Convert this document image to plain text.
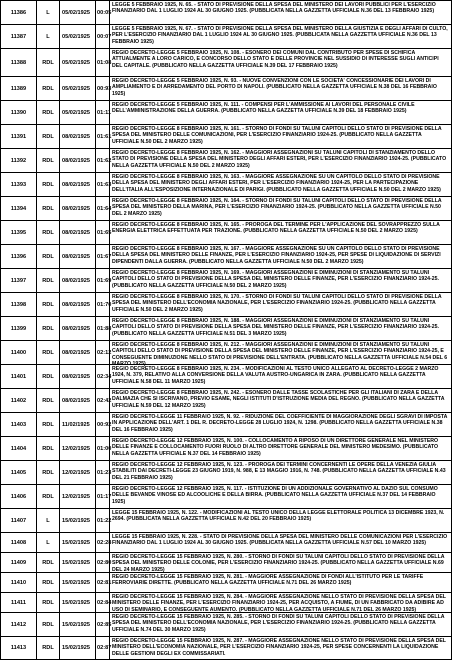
11386	L	05/02/1925	00:05
LEGGE 5 FEBBRAIO 1925, N. 65. - STATO DI PREVISIONE DELLA SPESA DEL MINISTERO DEI LAVORI PUBBLICI PER L'ESERCIZIO FINANZIARIO DAL 1 LUGLIO 1924 AL 30 GIUGNO 1925. (PUBBLICATA NELLA GAZZETTA UFFICIALE N.36 DEL 13 FEBBRAIO 1925)
11387	L	05/02/1925	00:07
LEGGE 5 FEBBRAIO 1925, N. 67. - STATO DI PREVISIONE DELLA SPESA DEL MINISTERO DELLA GIUSTIZIA E DEGLI AFFARI DI CULTO, PER L'ESERCIZIO FINANZIARIO DAL 1 LUGLIO 1924 AL 30 GIUGNO 1925. (PUBBLICATA NELLA GAZZETTA UFFICIALE N.36 DEL 13 FEBBRAIO 1925)
11388	RDL	05/02/1925	01:08
REGIO DECRETO-LEGGE 5 FEBBRAIO 1925, N. 108. - ESONERO DEI COMUNI DAL CONTRIBUTO PER SPESE DI SCHIFICA ATTUALMENTE A LORO CARICO, E CONCORSO DELLO STATO E DELLE PROVINCIE NEL SUSSIDIO DI INTERESSE SUGLI ANTICIPI DEL CAPITALE. (PUBBLICATO NELLA GAZZETTA UFFICIALE N.39 DEL 17 FEBBRAIO 1925)
11389	RDL	05/02/1925	00:93
REGIO DECRETO-LEGGE 5 FEBBRAIO 1925, N. 93. - NUOVE CONVENZIONI CON LE SOCIETA' CONCESSIONARIE DEI LAVORI DI AMPLIAMENTO E DI ARREDAMENTO DEL PORTO DI NAPOLI. (PUBBLICATO NELLA GAZZETTA UFFICIALE N.38 DEL 16 FEBBRAIO 1925)
11390	RDL	05/02/1925	01:11
REGIO DECRETO-LEGGE 5 FEBBRAIO 1925, N. 111. - COMPENSI PER L'AMMISSIONE AI LAVORI DEL PERSONALE CIVILE DELL'AMMINISTRAZIONE DELLA GUERRA. (PUBBLICATO NELLA GAZZETTA UFFICIALE N.39 DEL 18 FEBBRAIO 1925)
11391	RDL	08/02/1925	01:61
REGIO DECRETO-LEGGE 8 FEBBRAIO 1925, N. 161. - STORNO DI FONDI SU TALUNI CAPITOLI DELLO STATO DI PREVISIONE DELLA SPESA DEL MINISTERO DELLE COMUNICAZIONI, PER L'ESERCIZIO FINANZIARIO 1924-25. (PUBBLICATO NELLA GAZZETTA UFFICIALE N.50 DEL 2 MARZO 1925)
11392	RDL	08/02/1925	01:62
REGIO DECRETO-LEGGE 8 FEBBRAIO 1925, N. 162. - MAGGIORI ASSEGNAZIONI SU TALUNI CAPITOLI DI STANZIAMENTO DELLO STATO DI PREVISIONE DELLA SPESA DEL MINISTERO DEGLI AFFARI ESTERI, PER L'ESERCIZIO FINANZIARIO 1924-25. (PUBBLICATO NELLA GAZZETTA UFFICIALE N.50 DEL 2 MARZO 1925)
11393	RDL	08/02/1925	01:63
REGIO DECRETO-LEGGE 8 FEBBRAIO 1925, N. 163. - MAGGIORE ASSEGNAZIONE SU UN CAPITOLO DELLO STATO DI PREVISIONE DELLA SPESA DEL MINISTERO DEGLI AFFARI ESTERI, PER L'ESERCIZIO FINANZIARIO 1924-25, PER LA PARTECIPAZIONE DELL'ITALIA ALL'ESPOSIZIONE INTERNAZIONALE DI PARIGI. (PUBBLICATO NELLA GAZZETTA UFFICIALE N.50 DEL 2 MARZO 1925)
11394	RDL	08/02/1925	01:64
REGIO DECRETO-LEGGE 8 FEBBRAIO 1925, N. 164. - STORNO DI FONDI SU TALUNI CAPITOLI DELLO STATO DI PREVISIONE DELLA SPESA DEL MINISTERO DELLA MARINA, PER L'ESERCIZIO FINANZIARIO 1924-25. (PUBBLICATO NELLA GAZZETTA UFFICIALE N.50 DEL 2 MARZO 1925)
11395	RDL	08/02/1925	01:65
REGIO DECRETO-LEGGE 8 FEBBRAIO 1925, N. 165. - PROROGA DEL TERMINE PER L'APPLICAZIONE DEL SOVRAPPREZZO SULLA ENERGIA ELETTRICA EFFETTUATA PER TRAZIONE. (PUBBLICATO NELLA GAZZETTA UFFICIALE N.50 DEL 2 MARZO 1925)
11396	RDL	08/02/1925	01:67
REGIO DECRETO-LEGGE 8 FEBBRAIO 1925, N. 167. - MAGGIORE ASSEGNAZIONE SU UN CAPITOLO DELLO STATO DI PREVISIONE DELLA SPESA DEL MINISTERO DELLE FINANZE, PER L'ESERCIZIO FINANZIARIO 1924-25, PER SPESE DI LIQUIDAZIONE DI SERVIZI DIPENDENTI DALLA GUERRA. (PUBBLICATO NELLA GAZZETTA UFFICIALE N.50 DEL 2 MARZO 1925)
11397	RDL	08/02/1925	01:69
REGIO DECRETO-LEGGE 8 FEBBRAIO 1925, N. 169. - MAGGIORI ASSEGNAZIONI E DIMINUZIONI DI STANZIAMENTO SU TALUNI CAPITOLI DELLO STATO DI PREVISIONE DELLA SPESA DEL MINISTERO DELLE FINANZE, PER L'ESERCIZIO FINANZIARIO 1924-25. (PUBBLICATO NELLA GAZZETTA UFFICIALE N.50 DEL 2 MARZO 1925)
11398	RDL	08/02/1925	01:70
REGIO DECRETO-LEGGE 8 FEBBRAIO 1925, N. 170. - STORNO DI FONDI SU TALUNI CAPITOLI DELLO STATO DI PREVISIONE DELLA SPESA DEL MINISTERO DELL'ECONOMIA NAZIONALE, PER L'ESERCIZIO FINANZIARIO 1924-25. (PUBBLICATO NELLA GAZZETTA UFFICIALE N.50 DEL 2 MARZO 1925)
11399	RDL	08/02/1925	01:88
REGIO DECRETO-LEGGE 8 FEBBRAIO 1925, N. 188. - MAGGIORI ASSEGNAZIONI E DIMINUZIONI DI STANZIAMENTO SU TALUNI CAPITOLI DELLO STATO DI PREVISIONE DELLA SPESA DEL MINISTERO DELLE FINANZE, PER L'ESERCIZIO FINANZIARIO 1924-25. (PUBBLICATO NELLA GAZZETTA UFFICIALE N.51 DEL 3 MARZO 1925)
11400	RDL	08/02/1925	02:12
REGIO DECRETO-LEGGE 8 FEBBRAIO 1925, N. 212. - MAGGIORI ASSEGNAZIONI E DIMINUZIONI DI STANZIAMENTO SU TALUNI CAPITOLI DELLO STATO DI PREVISIONE DELLA SPESA DEL MINISTERO DELLE FINANZE, PER L'ESERCIZIO FINANZIARIO 1924-25, E CONSEGUENTE DIMINUZIONE NELLO STATO DI PREVISIONE DELL'ENTRATA. (PUBBLICATO NELLA GAZZETTA UFFICIALE N.54 DEL 6 MARZO 1925)
11401	RDL	08/02/1925	02:34
REGIO DECRETO-LEGGE 8 FEBBRAIO 1925, N. 234. - MODIFICAZIONI AL TESTO UNICO ALLEGATO AL DECRETO-LEGGE 2 MARZO 1924, N. 379, RELATIVO ALLA CONVERSIONE DELLA VALUTA AUSTRO-UNGARICA IN ZARA. (PUBBLICATO NELLA GAZZETTA UFFICIALE N.58 DEL 11 MARZO 1925)
11402	RDL	08/02/1925	02:42
REGIO DECRETO-LEGGE 8 FEBBRAIO 1925, N. 242. - ESONERO DALLE TASSE SCOLASTICHE PER GLI ITALIANI DI ZARA E DELLA DALMAZIA CHE SI ISCRIVANO, PREVIO ESAME, NEGLI ISTITUTI D'ISTRUZIONE MEDIA DEL REGNO. (PUBBLICATO NELLA GAZZETTA UFFICIALE N.59 DEL 12 MARZO 1925)
11403	RDL	11/02/1925	00:92
REGIO DECRETO-LEGGE 11 FEBBRAIO 1925, N. 92. - RIDUZIONE DEL COEFFICIENTE DI MAGGIORAZIONE DEGLI SGRAVI DI IMPOSTA IN APPLICAZIONE DELL'ART. 1 DEL R. DECRETO-LEGGE 28 LUGLIO 1924, N. 1298. (PUBBLICATO NELLA GAZZETTA UFFICIALE N.38 DEL 16 FEBBRAIO 1925)
11404	RDL	12/02/1925	01:00
REGIO DECRETO-LEGGE 12 FEBBRAIO 1925, N. 100. - COLLOCAMENTO A RIPOSO DI UN DIRETTORE GENERALE NEL MINISTERO DELLE FINANZE E COLLOCAMENTO FUORI RUOLO DI ALTRO DIRETTORE GENERALE DEL MINISTERO MEDESIMO. (PUBBLICATO NELLA GAZZETTA UFFICIALE N.37 DEL 14 FEBBRAIO 1925)
11405	RDL	12/02/1925	01:23
REGIO DECRETO-LEGGE 12 FEBBRAIO 1925, N. 123. - PROROGA DEI TERMINI CONCERNENTI LE OPERE DELLA VENEZIA GIULIA STABILITI DAI DECRETI-LEGGE 23 GIUGNO 1919, N. 988, E 13 MAGGIO 1916, N. 748. (PUBBLICATO NELLA GAZZETTA UFFICIALE N.43 DEL 21 FEBBRAIO 1925)
11406	RDL	12/02/1925	01:17
REGIO DECRETO-LEGGE 12 FEBBRAIO 1925, N. 117. - ISTITUZIONE DI UN ADDIZIONALE GOVERNATIVO AL DAZIO SUL CONSUMO DELLE BEVANDE VINOSE ED ALCOOLICHE E DELLA BIRRA. (PUBBLICATO NELLA GAZZETTA UFFICIALE N.37 DEL 14 FEBBRAIO 1925)
11407	L	15/02/1925	01:22
LEGGE 15 FEBBRAIO 1925, N. 122. - MODIFICAZIONI AL TESTO UNICO DELLA LEGGE ELETTORALE POLITICA 13 DICEMBRE 1923, N. 2694. (PUBBLICATA NELLA GAZZETTA UFFICIALE N.42 DEL 20 FEBBRAIO 1925)
11408	L	15/02/1925	02:28
LEGGE 15 FEBBRAIO 1925, N. 228. - STATO DI PREVISIONE DELLA SPESA DEL MINISTERO DELLE COMUNICAZIONI PER L'ESERCIZIO FINANZIARIO DAL 1 LUGLIO 1924 AL 30 GIUGNO 1925. (PUBBLICATA NELLA GAZZETTA UFFICIALE N.57 DEL 10 MARZO 1925)
11409	RDL	15/02/1925	02:80
REGIO DECRETO-LEGGE 15 FEBBRAIO 1925, N. 280. - STORNO DI FONDI SU TALUNI CAPITOLI DELLO STATO DI PREVISIONE DELLA SPESA DEL MINISTERO DELLE COLONIE, PER L'ESERCIZIO FINANZIARIO 1924-25. (PUBBLICATO NELLA GAZZETTA UFFICIALE N.69 DEL 24 MARZO 1925)
11410	RDL	15/02/1925	02:81
REGIO DECRETO-LEGGE 15 FEBBRAIO 1925, N. 281. - MAGGIORE ASSEGNAZIONE DI FONDI ALL'ISTITUTO PER LE TARIFFE FERROVIARIE DIRETTE. (PUBBLICATO NELLA GAZZETTA UFFICIALE N.71 DEL 26 MARZO 1925)
11411	RDL	15/02/1925	02:84
REGIO DECRETO-LEGGE 15 FEBBRAIO 1925, N. 284. - MAGGIORE ASSEGNAZIONE NELLO STATO DI PREVISIONE DELLA SPESA DEL MINISTERO DELLE FINANZE, PER L'ESERCIZIO FINANZIARIO 1924-25, PER ACQUISTO, A FIUME, DI UN FABBRICATO DA ADIBIRE AD USO DI SEMINARIO, E CONSEGUENTE AUMENTO. (PUBBLICATO NELLA GAZZETTA UFFICIALE N.71 DEL 26 MARZO 1925)
11412	RDL	15/02/1925	02:85
REGIO DECRETO-LEGGE 15 FEBBRAIO 1925, N. 285. - STORNO DI FONDI SU TALUNI CAPITOLI DELLO STATO DI PREVISIONE DELLA SPESA DEL MINISTERO DELL'ECONOMIA NAZIONALE, PER L'ESERCIZIO FINANZIARIO 1924-25. (PUBBLICATO NELLA GAZZETTA UFFICIALE N.74 DEL 30 MARZO 1925)
11413	RDL	15/02/1925	02:87
REGIO DECRETO-LEGGE 15 FEBBRAIO 1925, N. 287. - MAGGIORE ASSEGNAZIONE NELLO STATO DI PREVISIONE DELLA SPESA DEL MINISTERO DELL'ECONOMIA NAZIONALE, PER L'ESERCIZIO FINANZIARIO 1924-25, PER SPESE CONCERNENTI LA LIQUIDAZIONE DELLE GESTIONI DEGLI EX COMMISSARIATI.
